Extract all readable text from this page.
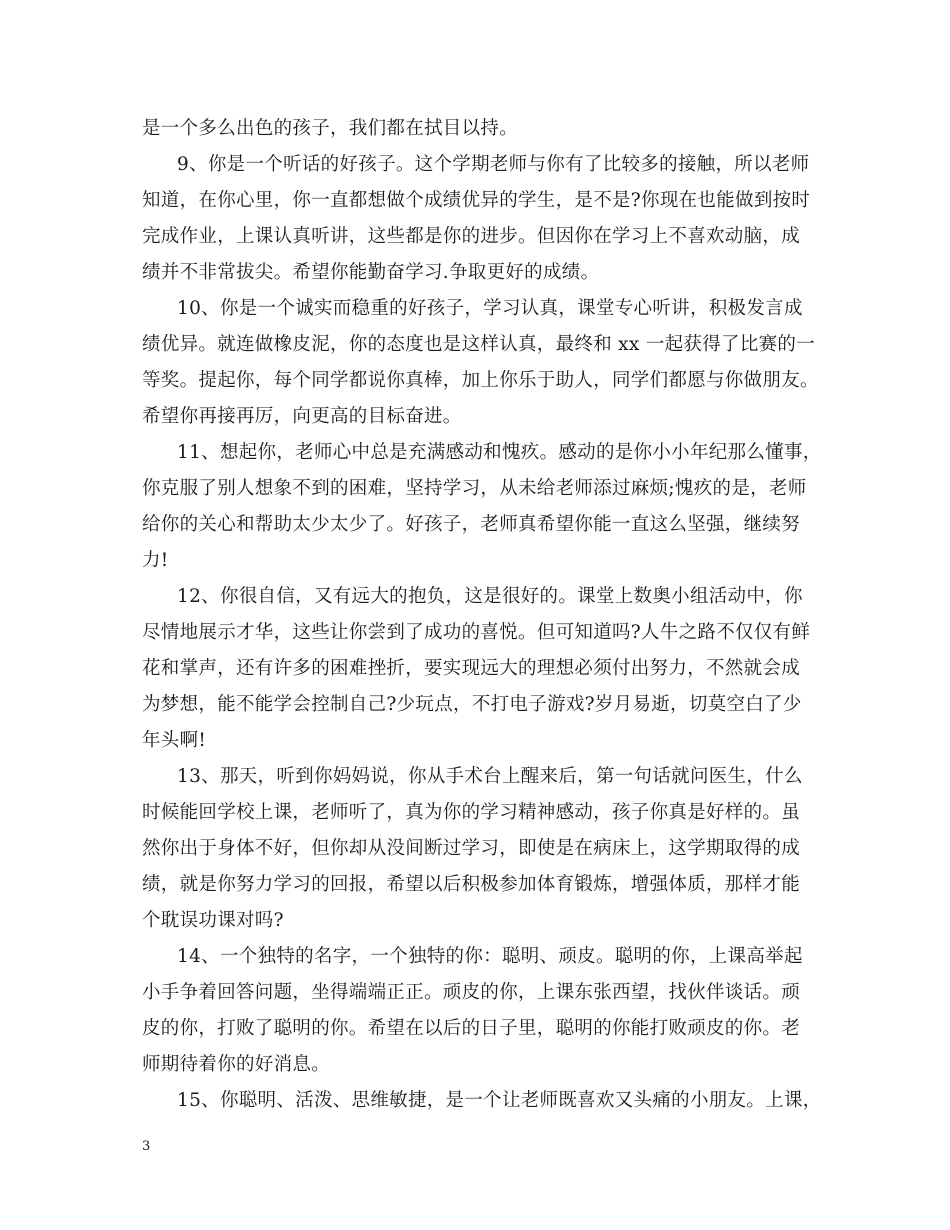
是一个多么出色的孩子，我们都在拭目以持。
9、你是一个听话的好孩子。这个学期老师与你有了比较多的接触，所以老师
知道，在你心里，你一直都想做个成绩优异的学生，是不是?你现在也能做到按时
完成作业，上课认真听讲，这些都是你的进步。但因你在学习上不喜欢动脑，成
绩并不非常拔尖。希望你能勤奋学习.争取更好的成绩。
10、你是一个诚实而稳重的好孩子，学习认真，课堂专心听讲，积极发言成
绩优异。就连做橡皮泥，你的态度也是这样认真，最终和 xx 一起获得了比赛的一
等奖。提起你，每个同学都说你真棒，加上你乐于助人，同学们都愿与你做朋友。
希望你再接再厉，向更高的目标奋进。
11、想起你，老师心中总是充满感动和愧疚。感动的是你小小年纪那么懂事，
你克服了别人想象不到的困难，坚持学习，从未给老师添过麻烦;愧疚的是，老师
给你的关心和帮助太少太少了。好孩子，老师真希望你能一直这么坚强，继续努
力!
12、你很自信，又有远大的抱负，这是很好的。课堂上数奥小组活动中，你
尽情地展示才华，这些让你尝到了成功的喜悦。但可知道吗?人牛之路不仅仅有鲜
花和掌声，还有许多的困难挫折，要实现远大的理想必须付出努力，不然就会成
为梦想，能不能学会控制自己?少玩点，不打电子游戏?岁月易逝，切莫空白了少
年头啊!
13、那天，听到你妈妈说，你从手术台上醒来后，第一句话就问医生，什么
时候能回学校上课，老师听了，真为你的学习精神感动，孩子你真是好样的。虽
然你出于身体不好，但你却从没间断过学习，即使是在病床上，这学期取得的成
绩，就是你努力学习的回报，希望以后积极参加体育锻炼，增强体质，那样才能
个耽误功课对吗?
14、一个独特的名字，一个独特的你：聪明、顽皮。聪明的你，上课高举起
小手争着回答问题，坐得端端正正。顽皮的你，上课东张西望，找伙伴谈话。顽
皮的你，打败了聪明的你。希望在以后的日子里，聪明的你能打败顽皮的你。老
师期待着你的好消息。
15、你聪明、活泼、思维敏捷，是一个让老师既喜欢又头痛的小朋友。上课，
3
